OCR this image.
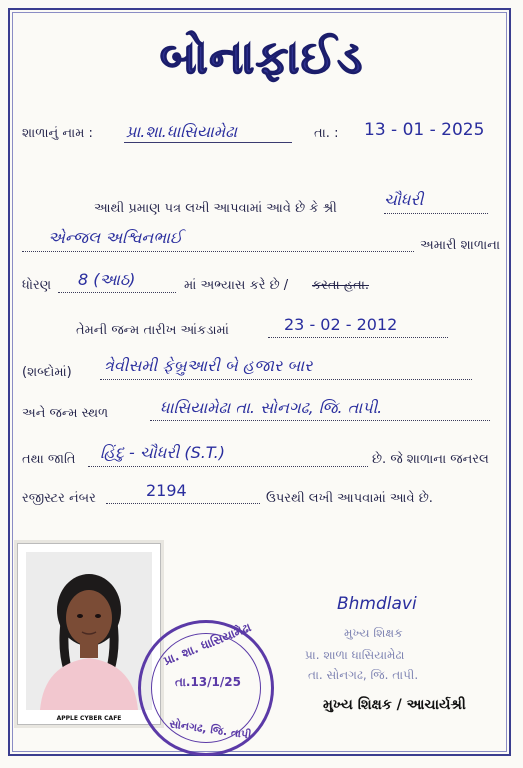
બોનાફાઈડ
શાળાનું નામ : પ્રા.શા.ધાસિયામેઢા	તા. : 13 - 01 - 2025
આથી પ્રમાણ પત્ર લખી આપવામાં આવે છે કે શ્રી	ચૌધરી
એન્જલ અશ્વિનભાઈ	અમારી શાળાના
ધોરણ 8 (આઠ)	માં અભ્યાસ કરે છે / કરતા હતા.
તેમની જન્મ તારીખ આંકડામાં	23 - 02 - 2012
(શબ્દોમાં) ત્રેવીસમી ફેબ્રુઆરી બે હજાર બાર
અને જન્મ સ્થળ	ધાસિયામેઢા તા. સોનગઢ, જિ. તાપી.
તથા જાતિ હિંદુ - ચૌધરી (S.T.)	છે. જે શાળાના જનરલ
રજીસ્ટર નંબર	2194	ઉપરથી લખી આપવામાં આવે છે.
APPLE CYBER CAFE
પ્રા. શા. ધાસિયામેઢા
તા.13/1/25
સોનગઢ, જિ. તાપી
Bhmdlavi
મુખ્ય શિક્ષક
પ્રા. શાળા ધાસિયામેઢા
તા. સોનગઢ, જિ. તાપી.
મુખ્ય શિક્ષક / આચાર્યશ્રી
